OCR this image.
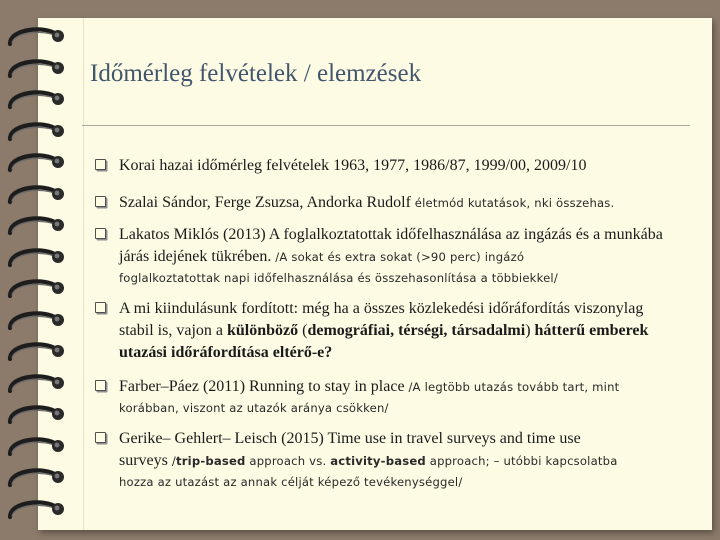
Időmérleg felvételek / elemzések
Korai hazai időmérleg felvételek 1963, 1977, 1986/87, 1999/00, 2009/10
Szalai Sándor, Ferge Zsuzsa, Andorka Rudolf életmód kutatások, nki összehas.
Lakatos Miklós (2013) A foglalkoztatottak időfelhasználása az ingázás és a munkába járás idejének tükrében. /A sokat és extra sokat (>90 perc) ingázó
foglalkoztatottak napi időfelhasználása és összehasonlítása a többiekkel/
A mi kiindulásunk fordított: még ha a összes közlekedési időráfordítás viszonylag stabil is, vajon a különböző (demográfiai, térségi, társadalmi) hátterű emberek utazási időráfordítása eltérő-e?
Farber–Páez (2011) Running to stay in place /A legtöbb utazás tovább tart, mint
korábban, viszont az utazók aránya csökken/
Gerike– Gehlert– Leisch (2015) Time use in travel surveys and time use
surveys /trip-based approach vs. activity-based approach; – utóbbi kapcsolatba
hozza az utazást az annak célját képező tevékenységgel/
